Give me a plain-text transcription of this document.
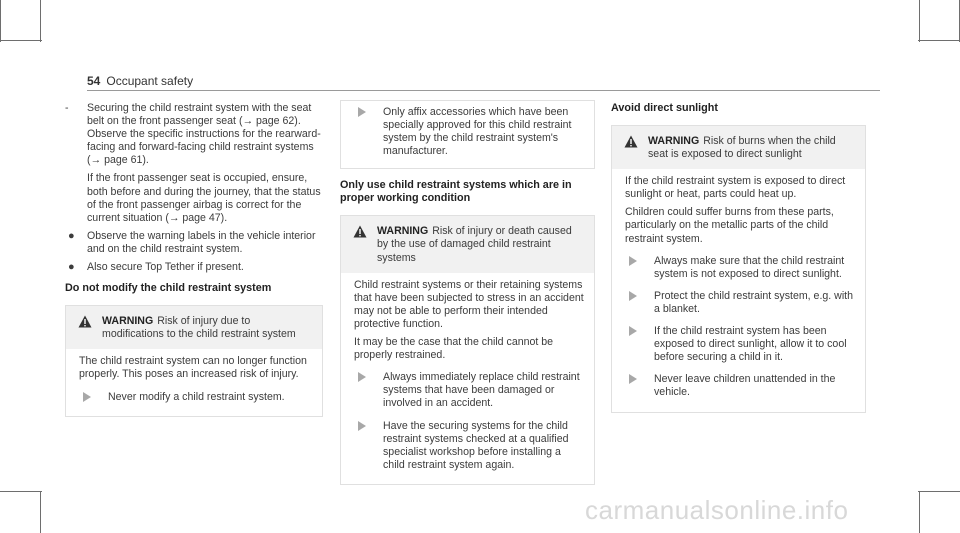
54 Occupant safety
- Securing the child restraint system with the seat belt on the front passenger seat (→ page 62). Observe the specific instructions for the rearward-facing and forward-facing child restraint systems (→ page 61).

If the front passenger seat is occupied, ensure, both before and during the journey, that the status of the front passenger airbag is correct for the current situation (→ page 47).

● Observe the warning labels in the vehicle interior and on the child restraint system.
● Also secure Top Tether if present.
Do not modify the child restraint system
WARNING Risk of injury due to modifications to the child restraint system

The child restraint system can no longer function properly. This poses an increased risk of injury.

Never modify a child restraint system.
Only affix accessories which have been specially approved for this child restraint system by the child restraint system's manufacturer.
Only use child restraint systems which are in proper working condition
WARNING Risk of injury or death caused by the use of damaged child restraint systems

Child restraint systems or their retaining systems that have been subjected to stress in an accident may not be able to perform their intended protective function.

It may be the case that the child cannot be properly restrained.

Always immediately replace child restraint systems that have been damaged or involved in an accident.
Have the securing systems for the child restraint systems checked at a qualified specialist workshop before installing a child restraint system again.
Avoid direct sunlight
WARNING Risk of burns when the child seat is exposed to direct sunlight

If the child restraint system is exposed to direct sunlight or heat, parts could heat up.

Children could suffer burns from these parts, particularly on the metallic parts of the child restraint system.

Always make sure that the child restraint system is not exposed to direct sunlight.
Protect the child restraint system, e.g. with a blanket.
If the child restraint system has been exposed to direct sunlight, allow it to cool before securing a child in it.
Never leave children unattended in the vehicle.
carmanualsonline.info
